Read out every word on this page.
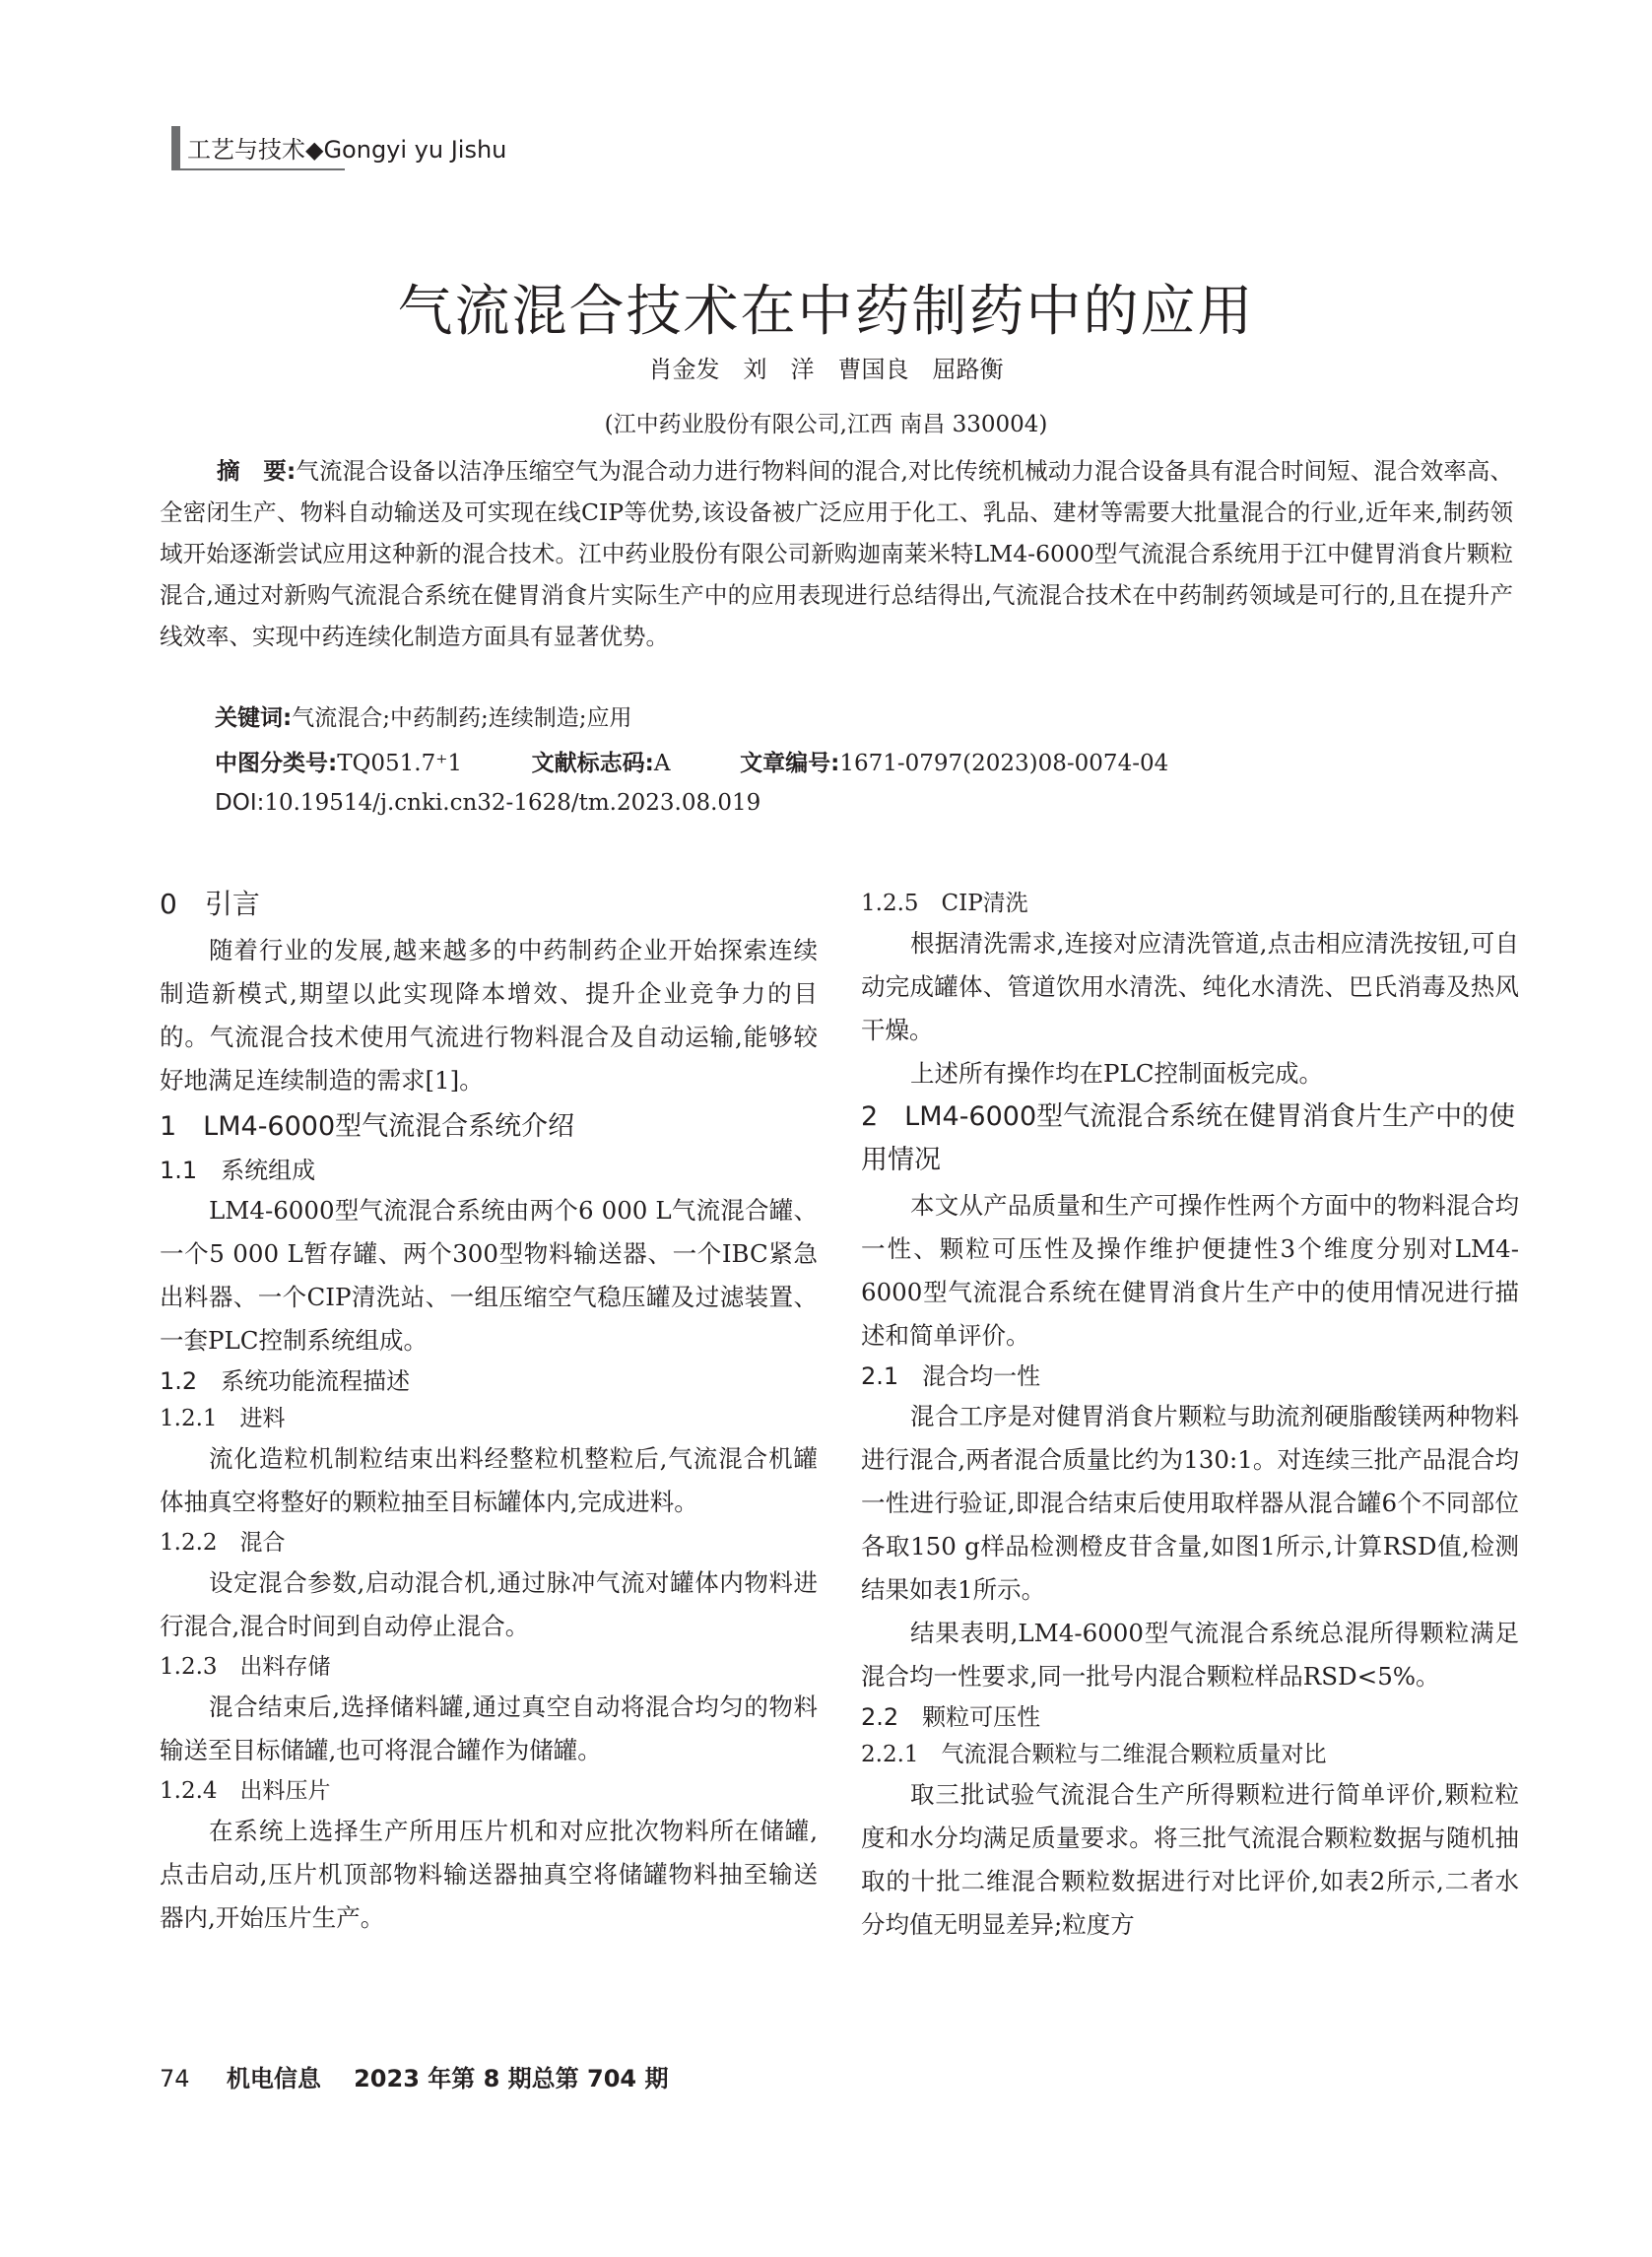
工艺与技术◆Gongyi yu Jishu
气流混合技术在中药制药中的应用
肖金发　刘　洋　曹国良　屈路衡
(江中药业股份有限公司,江西 南昌 330004)
摘　要:气流混合设备以洁净压缩空气为混合动力进行物料间的混合,对比传统机械动力混合设备具有混合时间短、混合效率高、全密闭生产、物料自动输送及可实现在线CIP等优势,该设备被广泛应用于化工、乳品、建材等需要大批量混合的行业,近年来,制药领域开始逐渐尝试应用这种新的混合技术。江中药业股份有限公司新购迦南莱米特LM4-6000型气流混合系统用于江中健胃消食片颗粒混合,通过对新购气流混合系统在健胃消食片实际生产中的应用表现进行总结得出,气流混合技术在中药制药领域是可行的,且在提升产线效率、实现中药连续化制造方面具有显著优势。
关键词:气流混合;中药制药;连续制造;应用
中图分类号:TQ051.7⁺1	文献标志码:A	文章编号:1671-0797(2023)08-0074-04
DOI:10.19514/j.cnki.cn32-1628/tm.2023.08.019
0　引言

随着行业的发展,越来越多的中药制药企业开始探索连续制造新模式,期望以此实现降本增效、提升企业竞争力的目的。气流混合技术使用气流进行物料混合及自动运输,能够较好地满足连续制造的需求[1]。

1　LM4-6000型气流混合系统介绍
1.1　系统组成

LM4-6000型气流混合系统由两个6 000 L气流混合罐、一个5 000 L暂存罐、两个300型物料输送器、一个IBC紧急出料器、一个CIP清洗站、一组压缩空气稳压罐及过滤装置、一套PLC控制系统组成。

1.2　系统功能流程描述
1.2.1　进料

流化造粒机制粒结束出料经整粒机整粒后,气流混合机罐体抽真空将整好的颗粒抽至目标罐体内,完成进料。

1.2.2　混合

设定混合参数,启动混合机,通过脉冲气流对罐体内物料进行混合,混合时间到自动停止混合。

1.2.3　出料存储

混合结束后,选择储料罐,通过真空自动将混合均匀的物料输送至目标储罐,也可将混合罐作为储罐。

1.2.4　出料压片

在系统上选择生产所用压片机和对应批次物料所在储罐,点击启动,压片机顶部物料输送器抽真空将储罐物料抽至输送器内,开始压片生产。

1.2.5　CIP清洗

根据清洗需求,连接对应清洗管道,点击相应清洗按钮,可自动完成罐体、管道饮用水清洗、纯化水清洗、巴氏消毒及热风干燥。

上述所有操作均在PLC控制面板完成。

2　LM4-6000型气流混合系统在健胃消食片生产中的使用情况

本文从产品质量和生产可操作性两个方面中的物料混合均一性、颗粒可压性及操作维护便捷性3个维度分别对LM4-6000型气流混合系统在健胃消食片生产中的使用情况进行描述和简单评价。

2.1　混合均一性

混合工序是对健胃消食片颗粒与助流剂硬脂酸镁两种物料进行混合,两者混合质量比约为130:1。对连续三批产品混合均一性进行验证,即混合结束后使用取样器从混合罐6个不同部位各取150 g样品检测橙皮苷含量,如图1所示,计算RSD值,检测结果如表1所示。

结果表明,LM4-6000型气流混合系统总混所得颗粒满足混合均一性要求,同一批号内混合颗粒样品RSD<5%。

2.2　颗粒可压性
2.2.1　气流混合颗粒与二维混合颗粒质量对比

取三批试验气流混合生产所得颗粒进行简单评价,颗粒粒度和水分均满足质量要求。将三批气流混合颗粒数据与随机抽取的十批二维混合颗粒数据进行对比评价,如表2所示,二者水分均值无明显差异;粒度方

74 机电信息 2023 年第 8 期总第 704 期
